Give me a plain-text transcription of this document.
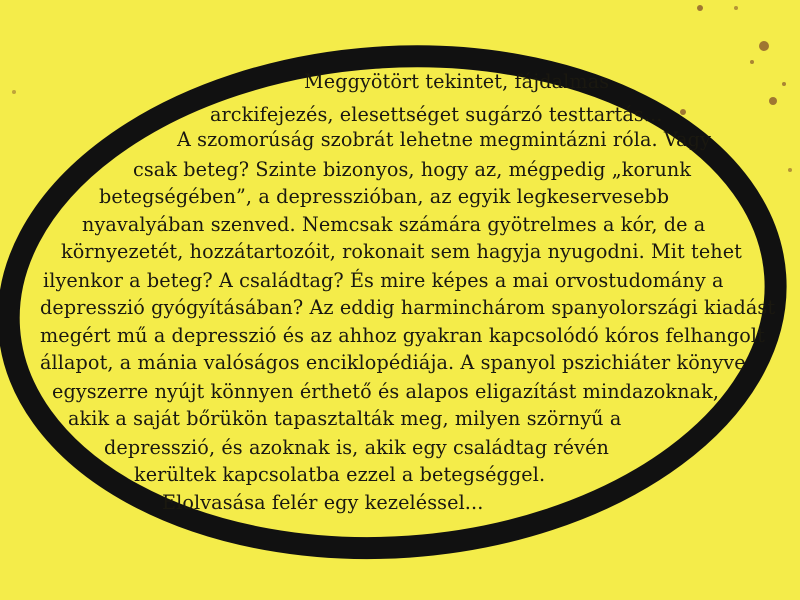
Meggyötört tekintet, fájdalmas
arckifejezés, elesettséget sugárzó testtartás...
A szomorúság szobrát lehetne megmintázni róla. Vagy
csak beteg? Szinte bizonyos, hogy az, mégpedig „korunk
betegségében”, a depresszióban, az egyik legkeservesebb
nyavalyában szenved. Nemcsak számára gyötrelmes a kór, de a
környezetét, hozzátartozóit, rokonait sem hagyja nyugodni. Mit tehet
ilyenkor a beteg? A családtag? És mire képes a mai orvostudomány a
depresszió gyógyításában? Az eddig harminchárom spanyolországi kiadást
megért mű a depresszió és az ahhoz gyakran kapcsolódó kóros felhangolt
állapot, a mánia valóságos enciklopédiája. A spanyol pszichiáter könyve
egyszerre nyújt könnyen érthető és alapos eligazítást mindazoknak,
akik a saját bőrükön tapasztalták meg, milyen szörnyű a
depresszió, és azoknak is, akik egy családtag révén
kerültek kapcsolatba ezzel a betegséggel.
Elolvasása felér egy kezeléssel...
